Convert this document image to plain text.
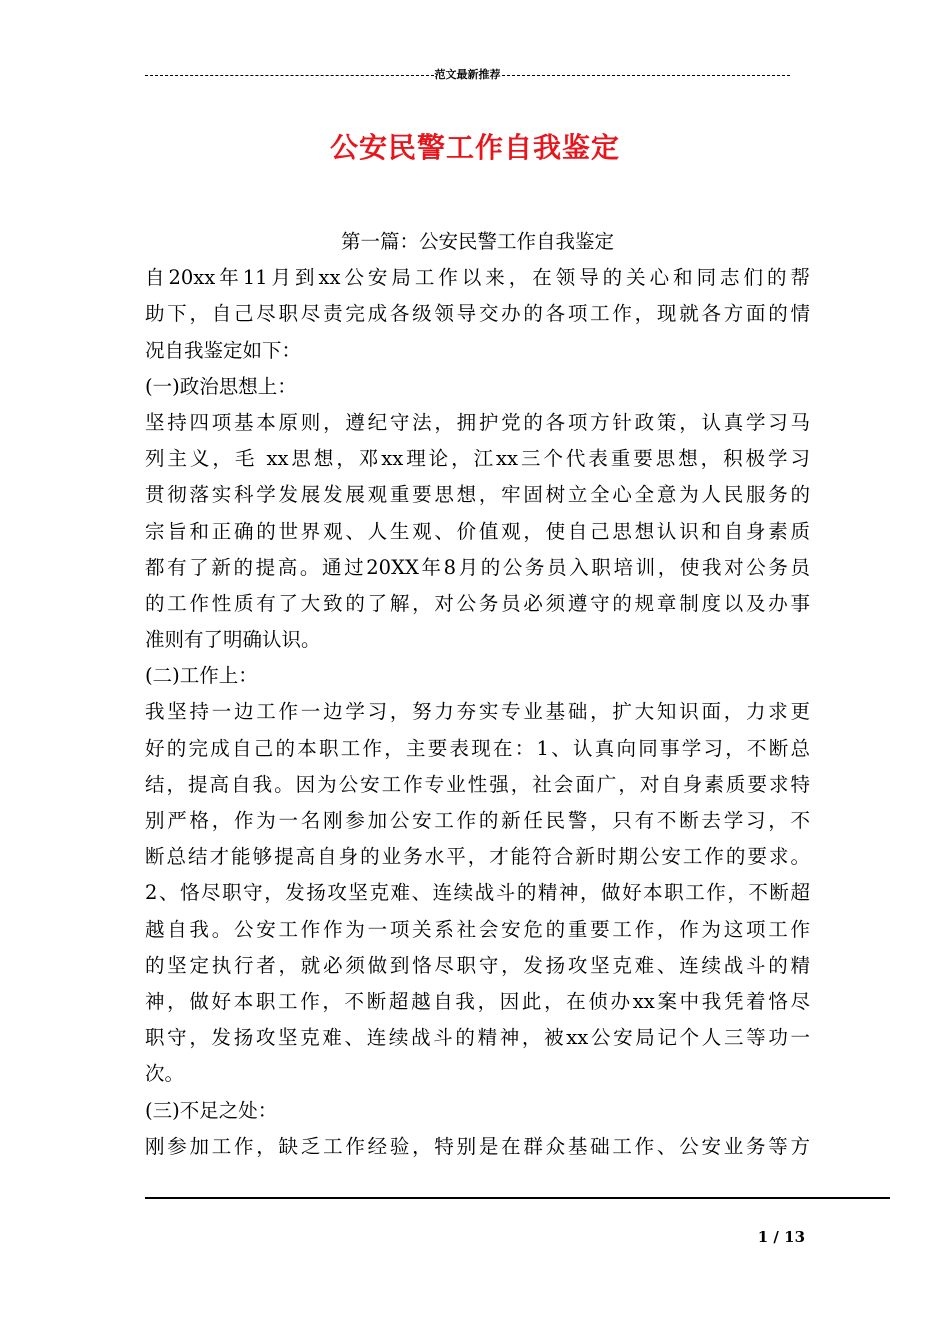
范文最新推荐
公安民警工作自我鉴定
第一篇：公安民警工作自我鉴定
自20xx年11月到xx公安局工作以来，在领导的关心和同志们的帮
助下，自己尽职尽责完成各级领导交办的各项工作，现就各方面的情
况自我鉴定如下：
(一)政治思想上：
坚持四项基本原则，遵纪守法，拥护党的各项方针政策，认真学习马
列主义，毛 xx思想，邓xx理论，江xx三个代表重要思想，积极学习
贯彻落实科学发展发展观重要思想，牢固树立全心全意为人民服务的
宗旨和正确的世界观、人生观、价值观，使自己思想认识和自身素质
都有了新的提高。通过20XX年8月的公务员入职培训，使我对公务员
的工作性质有了大致的了解，对公务员必须遵守的规章制度以及办事
准则有了明确认识。
(二)工作上：
我坚持一边工作一边学习，努力夯实专业基础，扩大知识面，力求更
好的完成自己的本职工作，主要表现在：1、认真向同事学习，不断总
结，提高自我。因为公安工作专业性强，社会面广，对自身素质要求特
别严格，作为一名刚参加公安工作的新任民警，只有不断去学习，不
断总结才能够提高自身的业务水平，才能符合新时期公安工作的要求。
2、恪尽职守，发扬攻坚克难、连续战斗的精神，做好本职工作，不断超
越自我。公安工作作为一项关系社会安危的重要工作，作为这项工作
的坚定执行者，就必须做到恪尽职守，发扬攻坚克难、连续战斗的精
神，做好本职工作，不断超越自我，因此，在侦办xx案中我凭着恪尽
职守，发扬攻坚克难、连续战斗的精神，被xx公安局记个人三等功一
次。
(三)不足之处：
刚参加工作，缺乏工作经验，特别是在群众基础工作、公安业务等方
1 / 13
